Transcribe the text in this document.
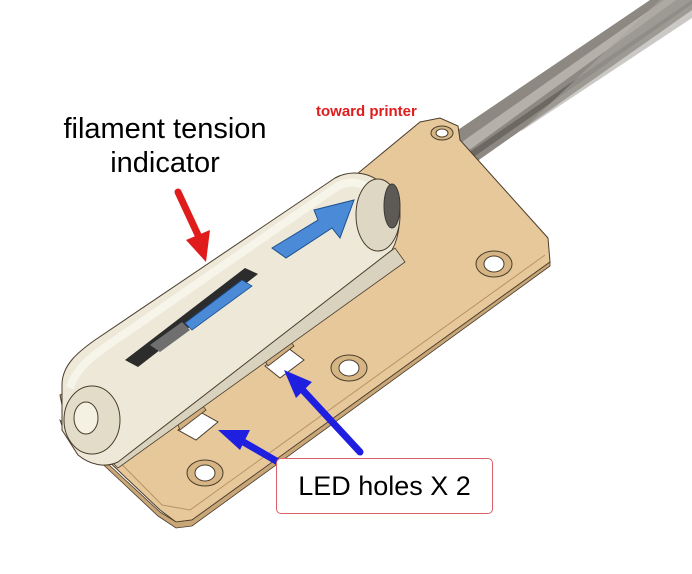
filament tension
indicator
toward printer
LED holes X 2
